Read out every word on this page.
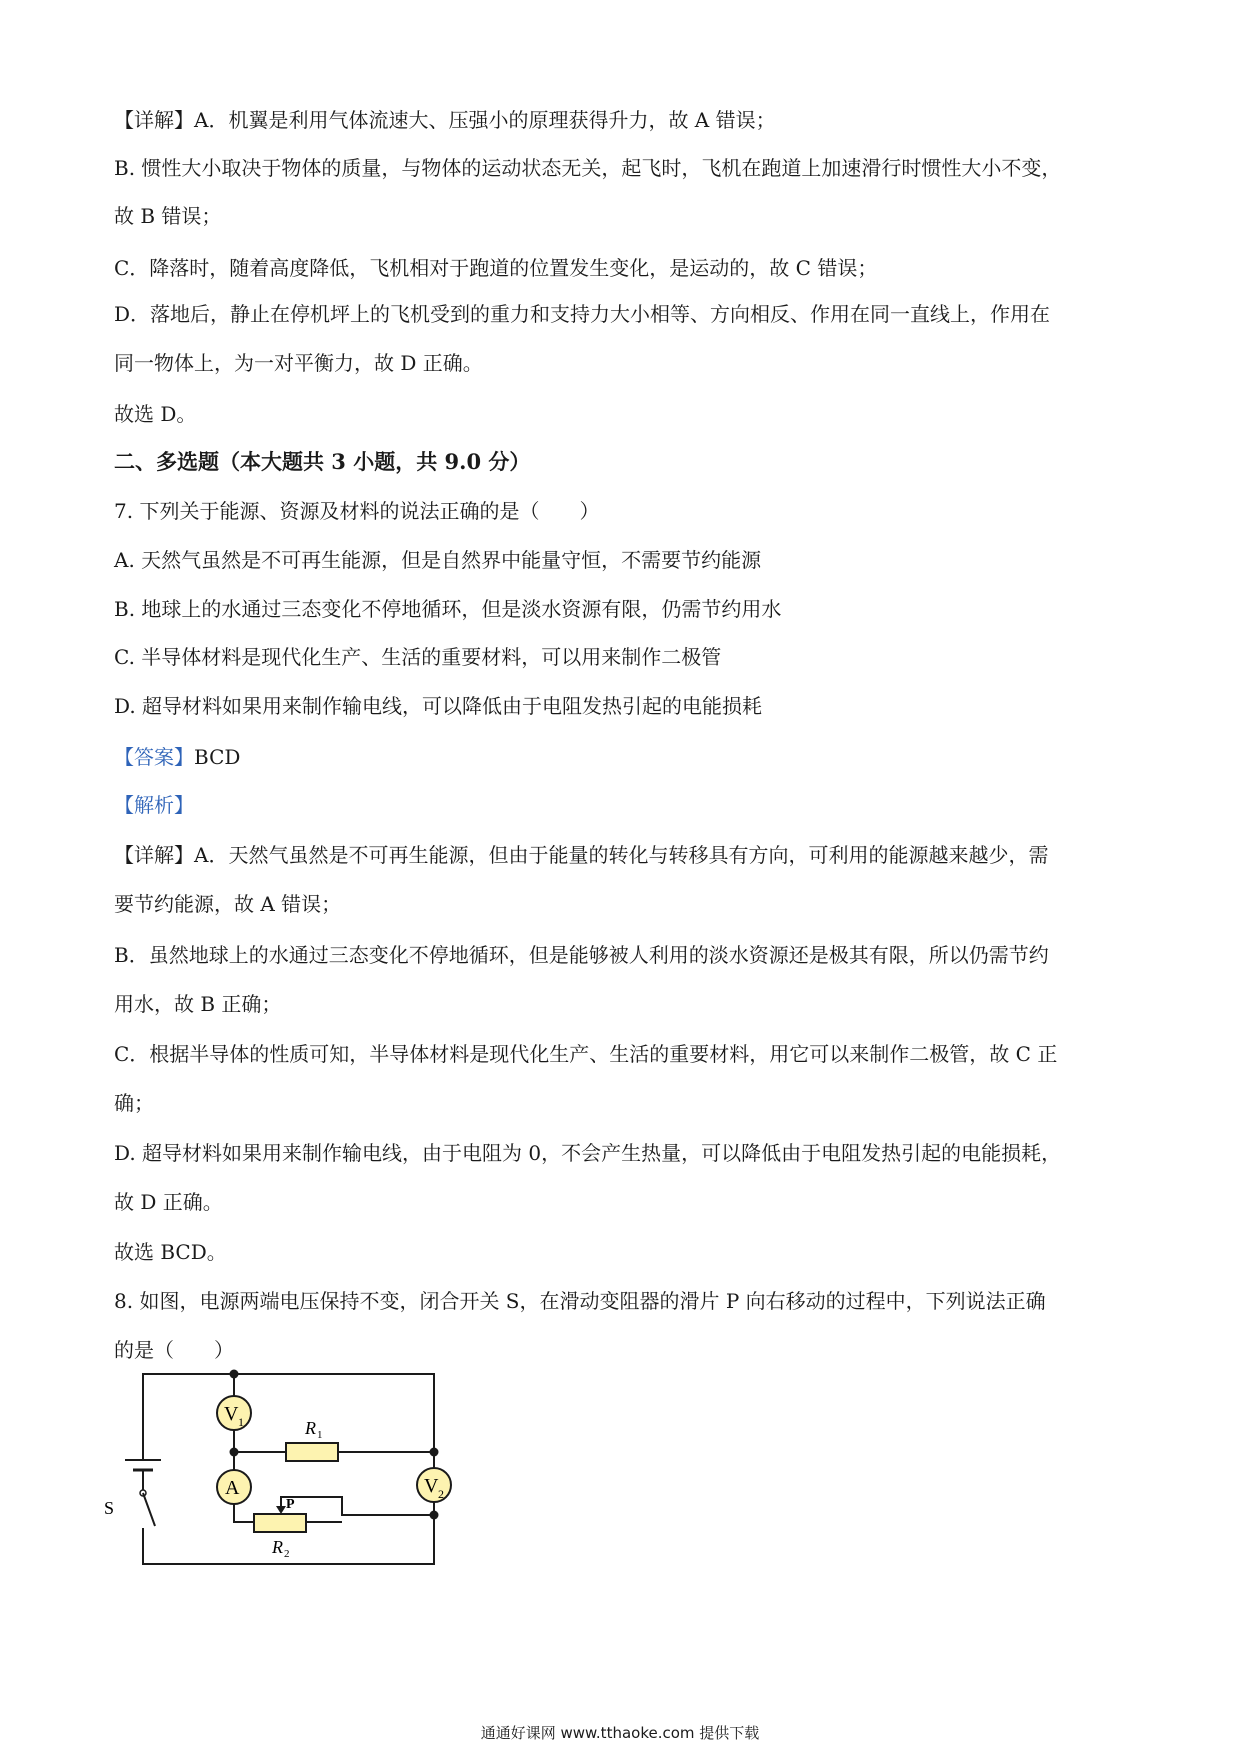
【详解】A．机翼是利用气体流速大、压强小的原理获得升力，故 A 错误；
B. 惯性大小取决于物体的质量，与物体的运动状态无关，起飞时，飞机在跑道上加速滑行时惯性大小不变，
故 B 错误；
C．降落时，随着高度降低，飞机相对于跑道的位置发生变化，是运动的，故 C 错误；
D．落地后，静止在停机坪上的飞机受到的重力和支持力大小相等、方向相反、作用在同一直线上，作用在
同一物体上，为一对平衡力，故 D 正确。
故选 D。
二、多选题（本大题共 3 小题，共 9.0 分）
7. 下列关于能源、资源及材料的说法正确的是（　　）
A. 天然气虽然是不可再生能源，但是自然界中能量守恒，不需要节约能源
B. 地球上的水通过三态变化不停地循环，但是淡水资源有限，仍需节约用水
C. 半导体材料是现代化生产、生活的重要材料，可以用来制作二极管
D. 超导材料如果用来制作输电线，可以降低由于电阻发热引起的电能损耗
【答案】BCD
【解析】
【详解】A．天然气虽然是不可再生能源，但由于能量的转化与转移具有方向，可利用的能源越来越少，需
要节约能源，故 A 错误；
B．虽然地球上的水通过三态变化不停地循环，但是能够被人利用的淡水资源还是极其有限，所以仍需节约
用水，故 B 正确；
C．根据半导体的性质可知，半导体材料是现代化生产、生活的重要材料，用它可以来制作二极管，故 C 正
确；
D. 超导材料如果用来制作输电线，由于电阻为 0，不会产生热量，可以降低由于电阻发热引起的电能损耗，
故 D 正确。
故选 BCD。
8. 如图，电源两端电压保持不变，闭合开关 S，在滑动变阻器的滑片 P 向右移动的过程中，下列说法正确
的是（　　）
S
V 1
A	V 2
R 1
P
R 2
通通好课网 www.tthaoke.com 提供下载
